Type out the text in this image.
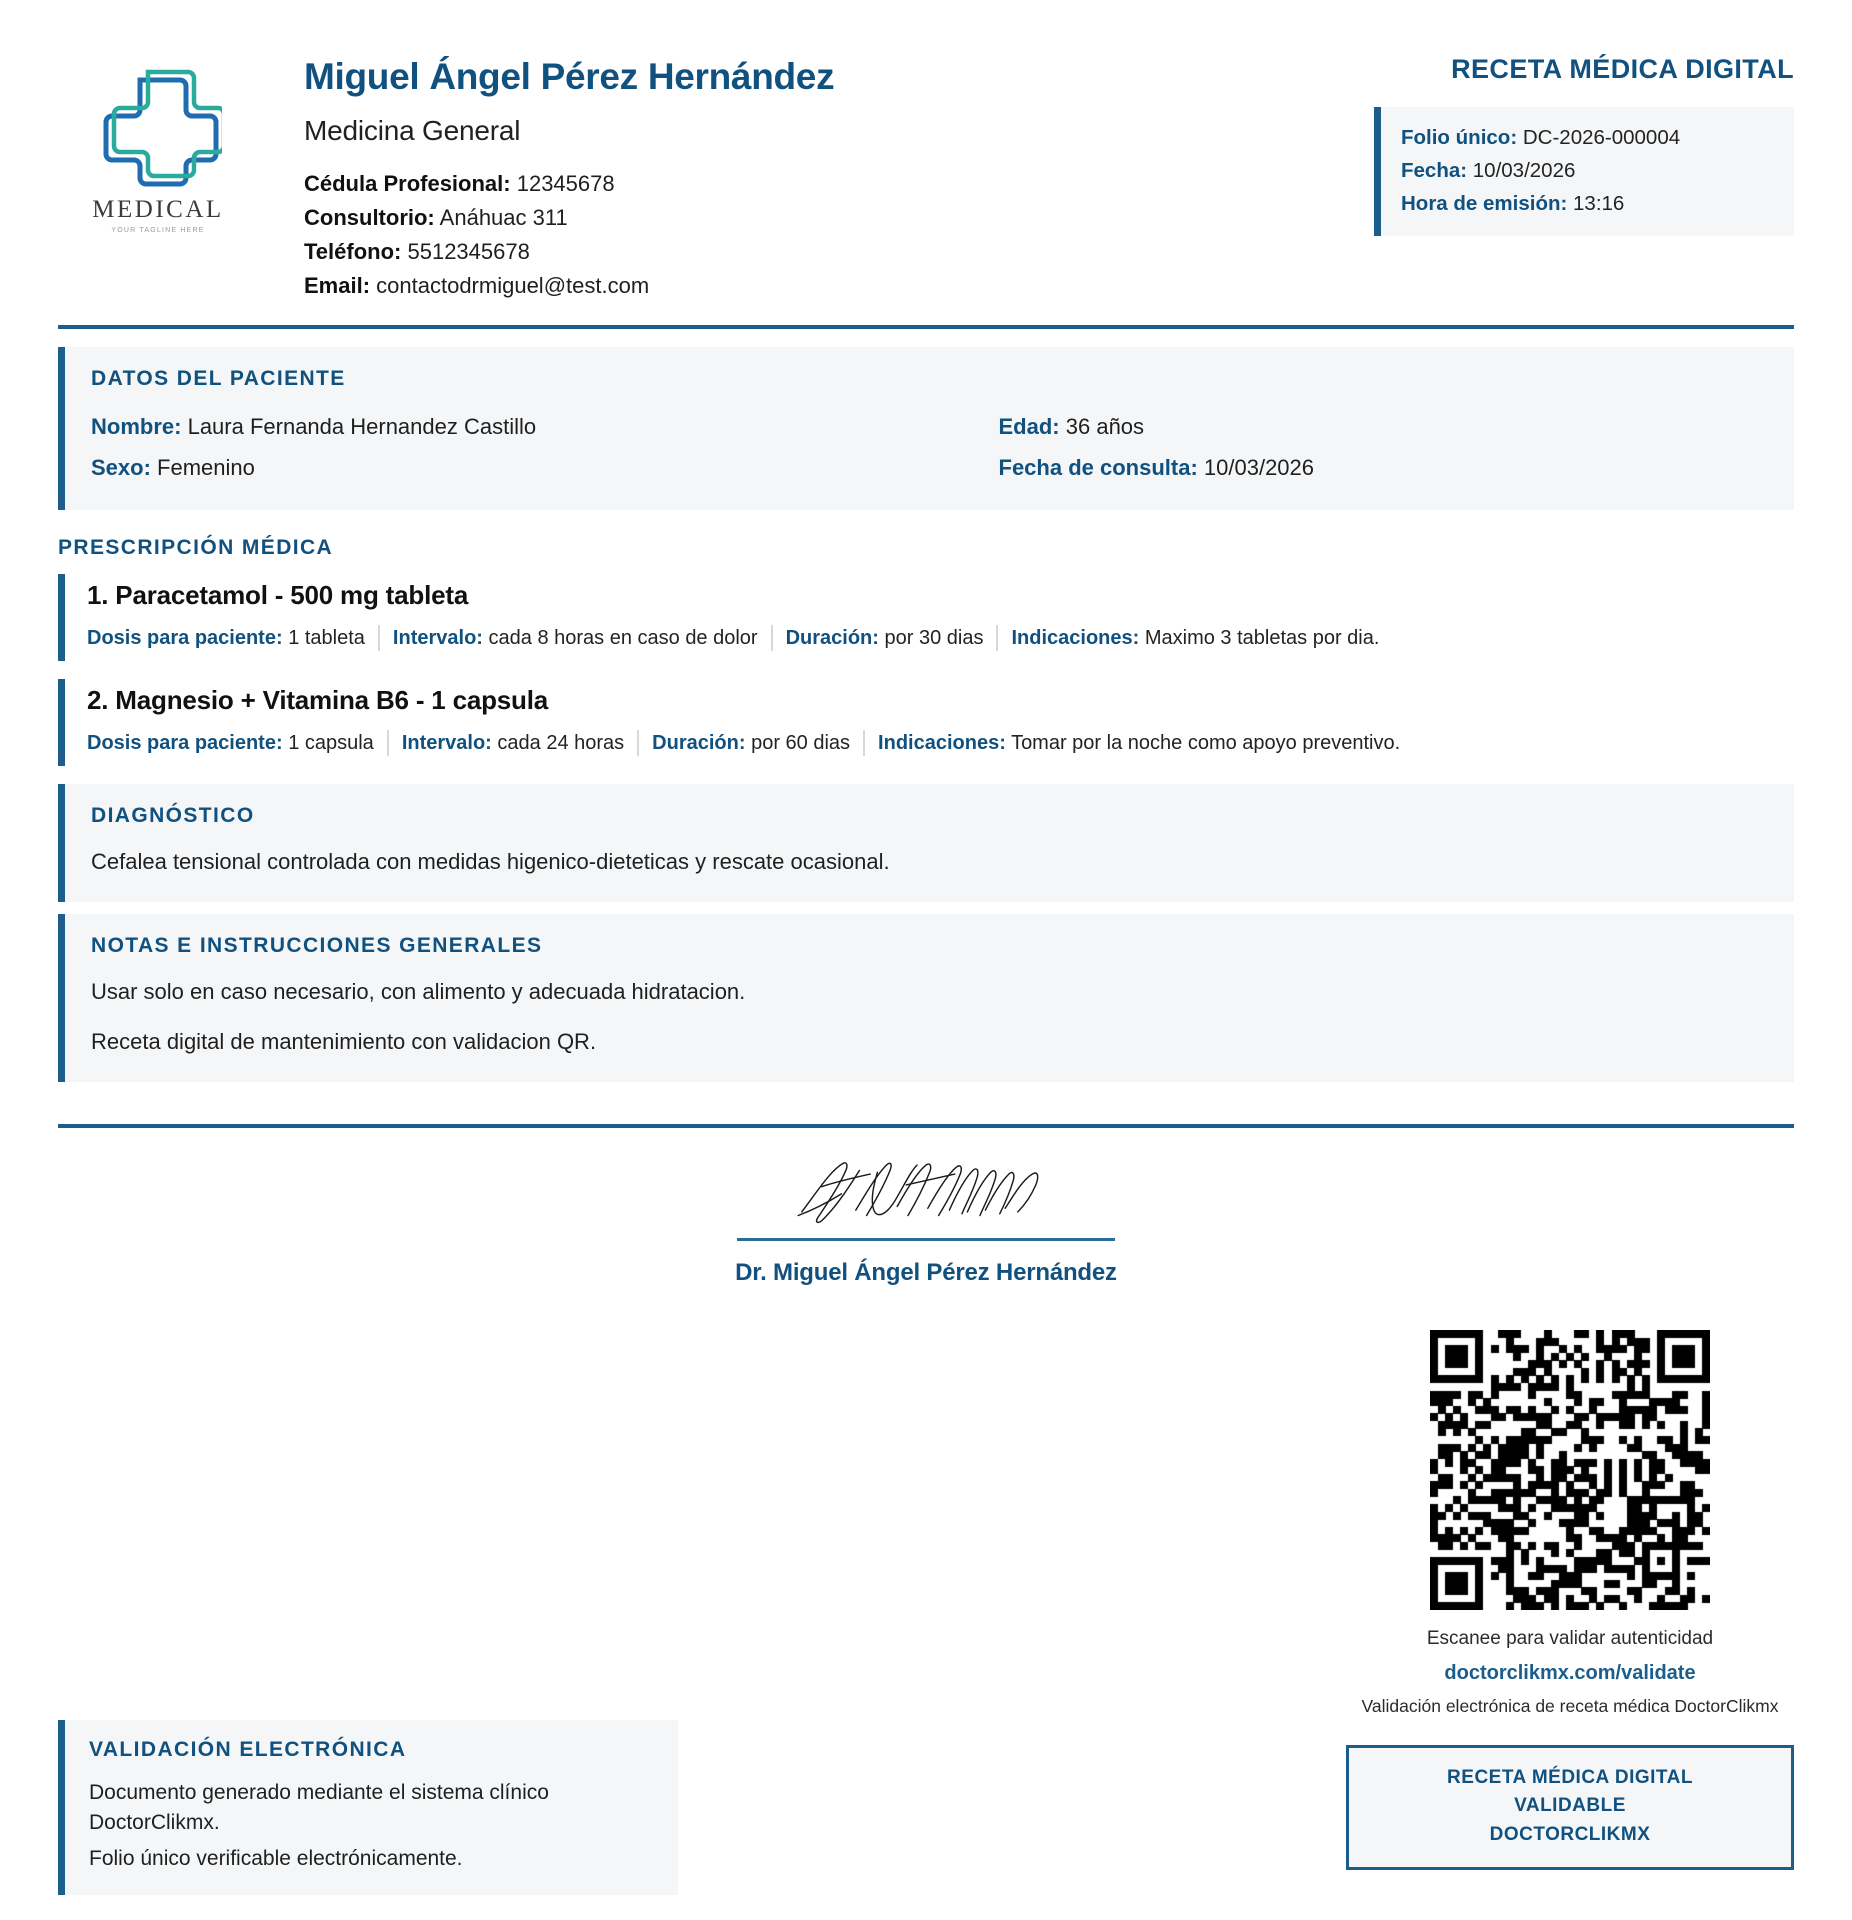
MEDICAL
YOUR TAGLINE HERE
Miguel Ángel Pérez Hernández
Medicina General
Cédula Profesional: 12345678
Consultorio: Anáhuac 311
Teléfono: 5512345678
Email: contactodrmiguel@test.com
RECETA MÉDICA DIGITAL
Folio único: DC-2026-000004
Fecha: 10/03/2026
Hora de emisión: 13:16
DATOS DEL PACIENTE
Nombre: Laura Fernanda Hernandez Castillo
Sexo: Femenino
Edad: 36 años
Fecha de consulta: 10/03/2026
PRESCRIPCIÓN MÉDICA
1. Paracetamol - 500 mg tableta
Dosis para paciente: 1 tableta	Intervalo: cada 8 horas en caso de dolor	Duración: por 30 dias	Indicaciones: Maximo 3 tabletas por dia.
2. Magnesio + Vitamina B6 - 1 capsula
Dosis para paciente: 1 capsula	Intervalo: cada 24 horas	Duración: por 60 dias	Indicaciones: Tomar por la noche como apoyo preventivo.
DIAGNÓSTICO
Cefalea tensional controlada con medidas higenico-dieteticas y rescate ocasional.
NOTAS E INSTRUCCIONES GENERALES
Usar solo en caso necesario, con alimento y adecuada hidratacion.
Receta digital de mantenimiento con validacion QR.
Dr. Miguel Ángel Pérez Hernández
Escanee para validar autenticidad
doctorclikmx.com/validate
Validación electrónica de receta médica DoctorClikmx
RECETA MÉDICA DIGITAL
VALIDABLE
DOCTORCLIKMX
VALIDACIÓN ELECTRÓNICA
Documento generado mediante el sistema clínico DoctorClikmx.
Folio único verificable electrónicamente.
